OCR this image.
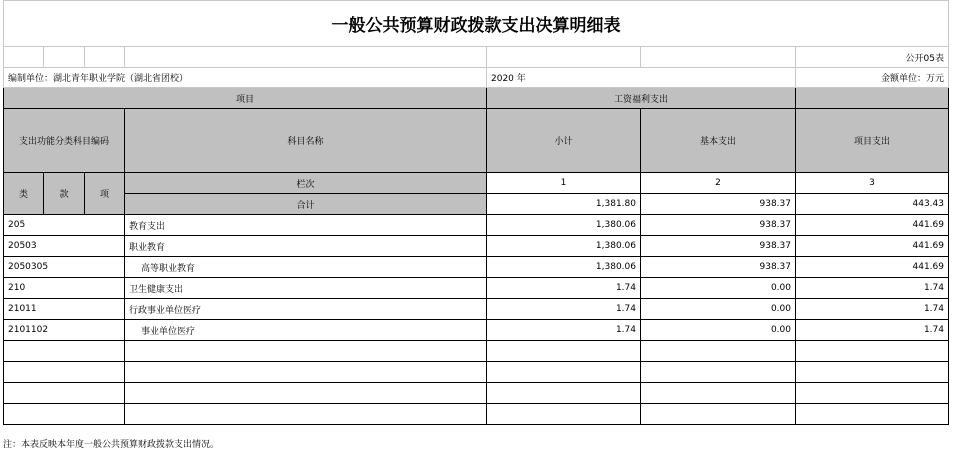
一般公共预算财政拨款支出决算明细表						
						公开05表
编制单位：湖北青年职业学院（湖北省团校）				2020 年		金额单位：万元
项目				工资福利支出		
支出功能分类科目编码			科目名称	小计	基本支出	项目支出
类	款	项	栏次	1	2	3
			合计	1,381.80	938.37	443.43
205			教育支出	1,380.06	938.37	441.69
20503			职业教育	1,380.06	938.37	441.69
2050305			高等职业教育	1,380.06	938.37	441.69
210			卫生健康支出	1.74	0.00	1.74
21011			行政事业单位医疗	1.74	0.00	1.74
2101102			事业单位医疗	1.74	0.00	1.74

注：本表反映本年度一般公共预算财政拨款支出情况。
